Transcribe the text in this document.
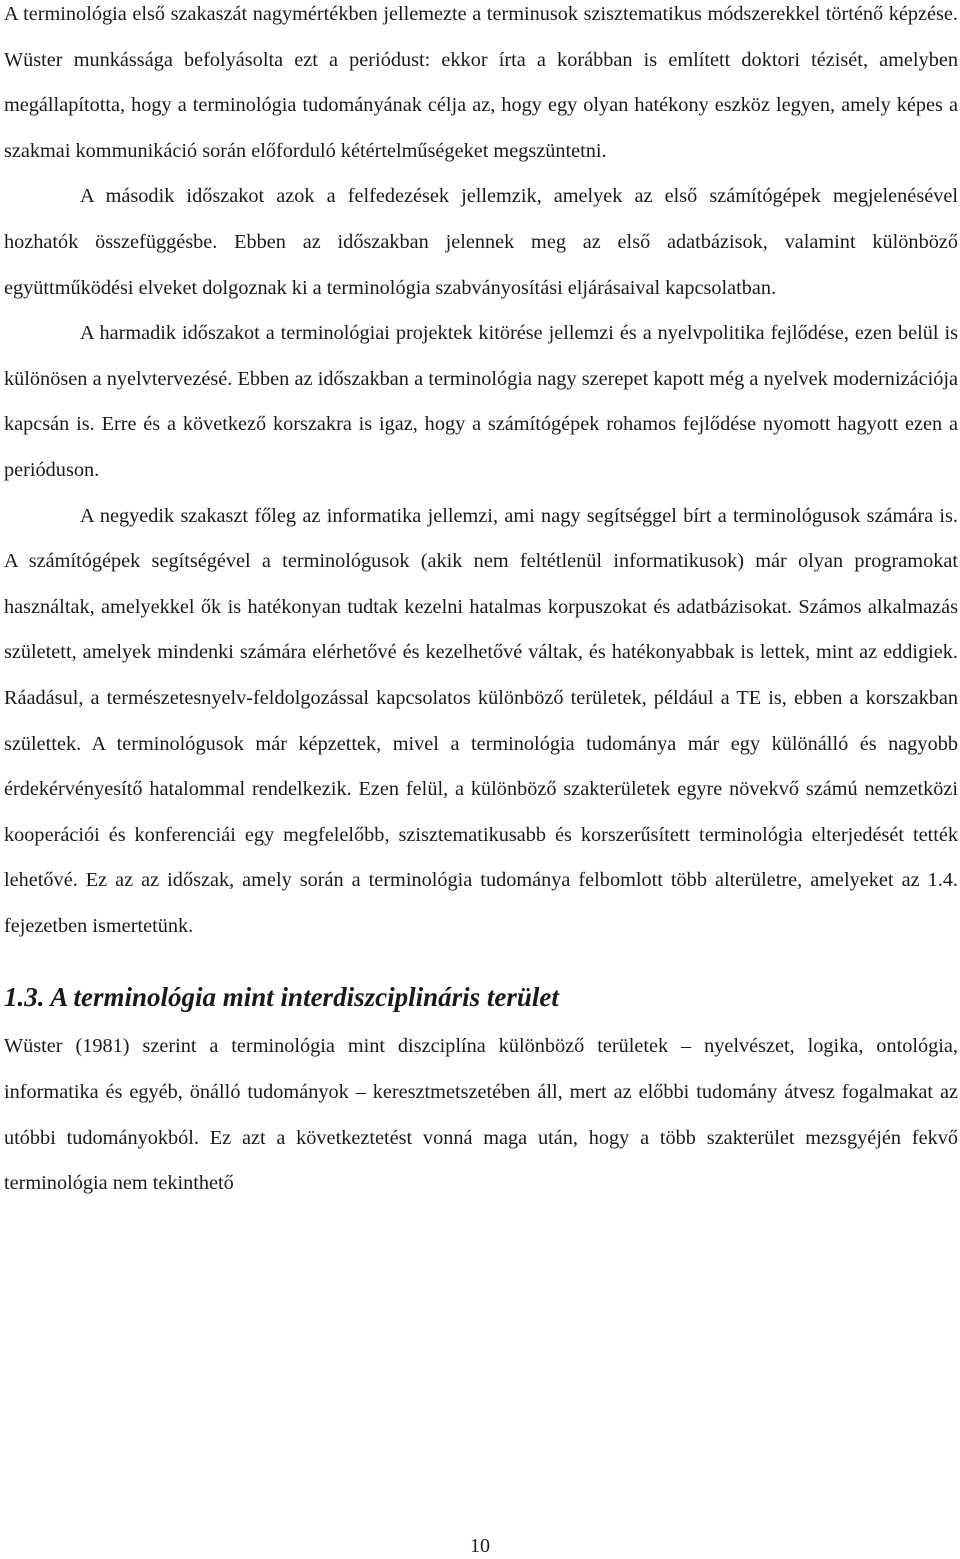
A terminológia első szakaszát nagymértékben jellemezte a terminusok szisztematikus módszerekkel történő képzése. Wüster munkássága befolyásolta ezt a periódust: ekkor írta a korábban is említett doktori tézisét, amelyben megállapította, hogy a terminológia tudományának célja az, hogy egy olyan hatékony eszköz legyen, amely képes a szakmai kommunikáció során előforduló kétértelműségeket megszüntetni.

A második időszakot azok a felfedezések jellemzik, amelyek az első számítógépek megjelenésével hozhatók összefüggésbe. Ebben az időszakban jelennek meg az első adatbázisok, valamint különböző együttműködési elveket dolgoznak ki a terminológia szabványosítási eljárásaival kapcsolatban.

A harmadik időszakot a terminológiai projektek kitörése jellemzi és a nyelvpolitika fejlődése, ezen belül is különösen a nyelvtervezésé. Ebben az időszakban a terminológia nagy szerepet kapott még a nyelvek modernizációja kapcsán is. Erre és a következő korszakra is igaz, hogy a számítógépek rohamos fejlődése nyomott hagyott ezen a perióduson.

A negyedik szakaszt főleg az informatika jellemzi, ami nagy segítséggel bírt a terminológusok számára is. A számítógépek segítségével a terminológusok (akik nem feltétlenül informatikusok) már olyan programokat használtak, amelyekkel ők is hatékonyan tudtak kezelni hatalmas korpuszokat és adatbázisokat. Számos alkalmazás született, amelyek mindenki számára elérhetővé és kezelhetővé váltak, és hatékonyabbak is lettek, mint az eddigiek. Ráadásul, a természetesnyelv-feldolgozással kapcsolatos különböző területek, például a TE is, ebben a korszakban születtek. A terminológusok már képzettek, mivel a terminológia tudománya már egy különálló és nagyobb érdekérvényesítő hatalommal rendelkezik. Ezen felül, a különböző szakterületek egyre növekvő számú nemzetközi kooperációi és konferenciái egy megfelelőbb, szisztematikusabb és korszerűsített terminológia elterjedését tették lehetővé. Ez az az időszak, amely során a terminológia tudománya felbomlott több alterületre, amelyeket az 1.4. fejezetben ismertetünk.

1.3. A terminológia mint interdiszciplináris terület

Wüster (1981) szerint a terminológia mint diszciplína különböző területek – nyelvészet, logika, ontológia, informatika és egyéb, önálló tudományok – keresztmetszetében áll, mert az előbbi tudomány átvesz fogalmakat az utóbbi tudományokból. Ez azt a következtetést vonná maga után, hogy a több szakterület mezsgyéjén fekvő terminológia nem tekinthető

10
